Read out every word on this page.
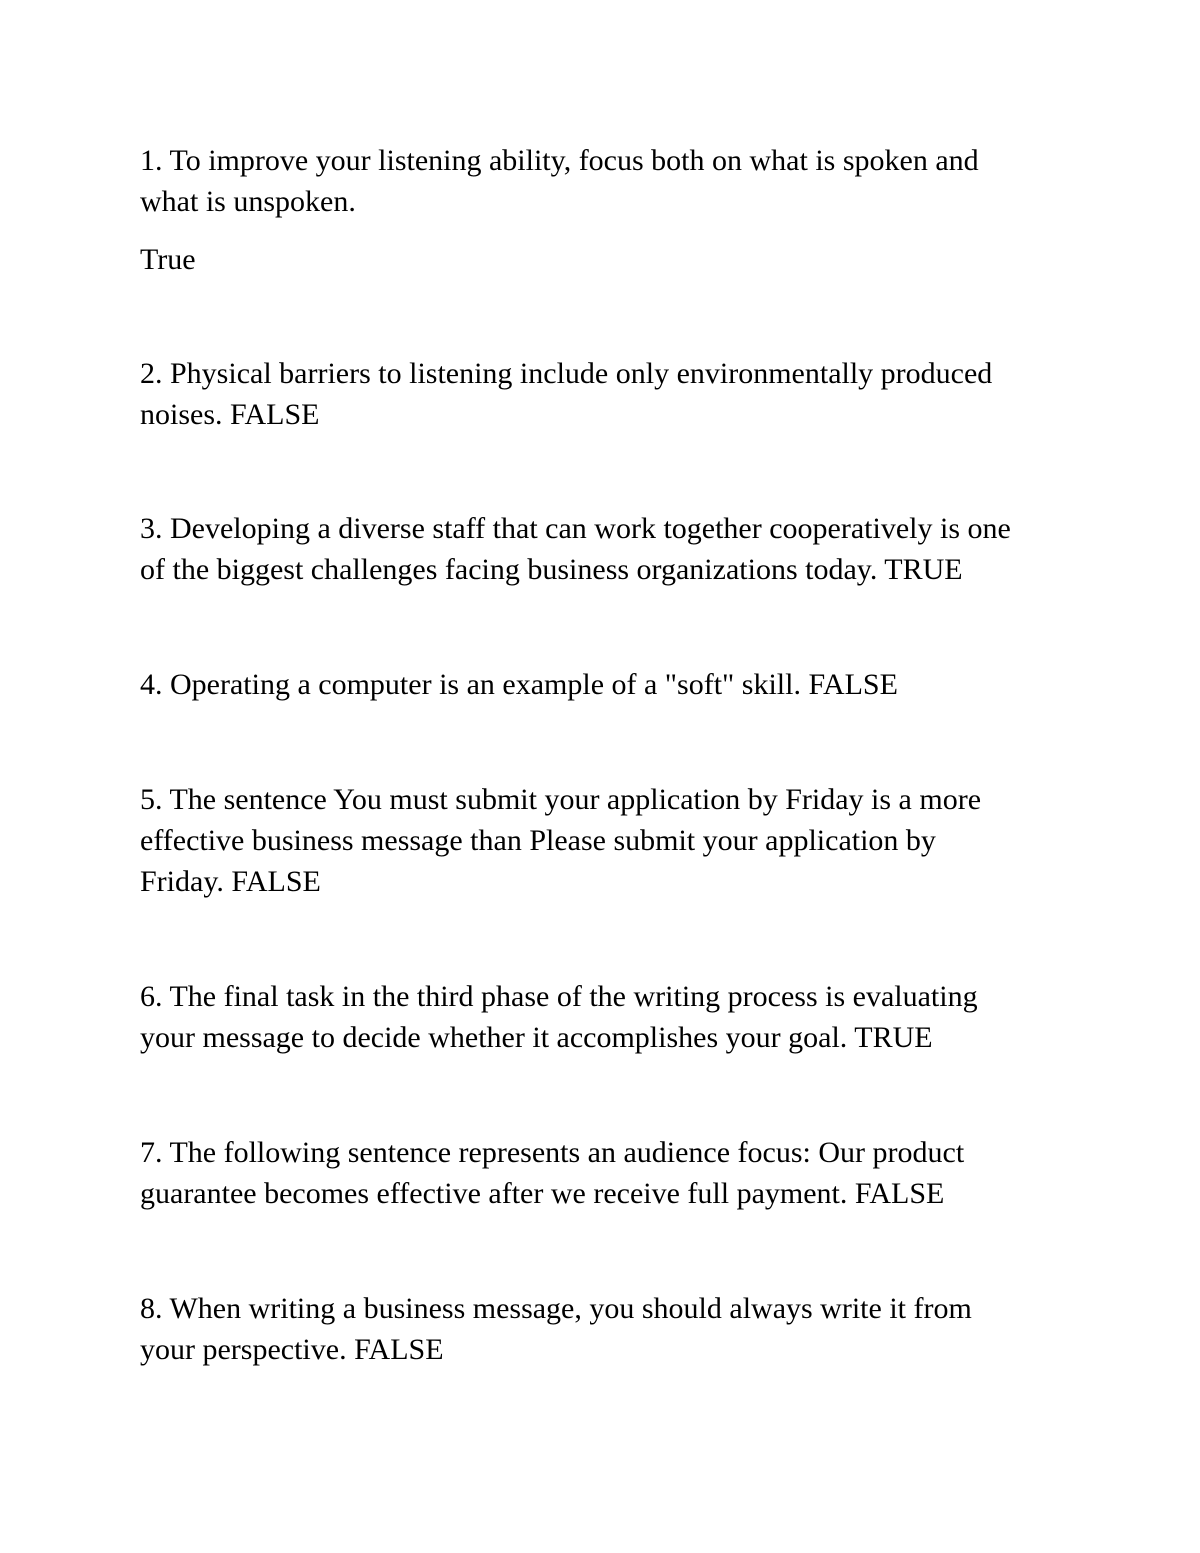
1. To improve your listening ability, focus both on what is spoken and
what is unspoken.

True

2. Physical barriers to listening include only environmentally produced
noises. FALSE

3. Developing a diverse staff that can work together cooperatively is one
of the biggest challenges facing business organizations today. TRUE

4. Operating a computer is an example of a "soft" skill. FALSE

5. The sentence You must submit your application by Friday is a more
effective business message than Please submit your application by
Friday. FALSE

6. The final task in the third phase of the writing process is evaluating
your message to decide whether it accomplishes your goal. TRUE

7. The following sentence represents an audience focus: Our product
guarantee becomes effective after we receive full payment. FALSE

8. When writing a business message, you should always write it from
your perspective. FALSE
